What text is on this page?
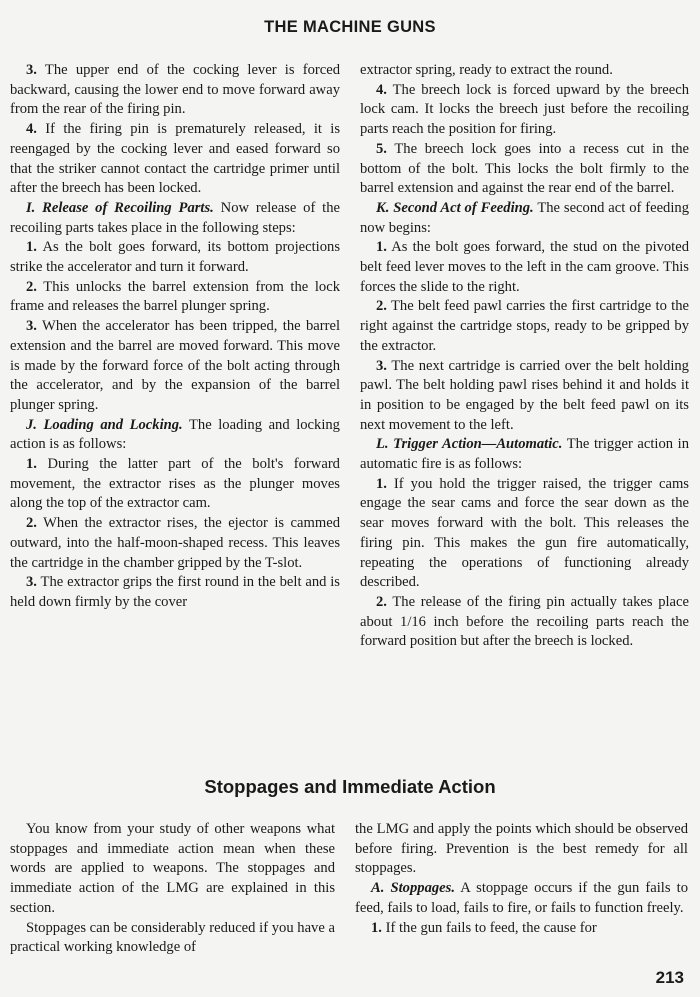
THE MACHINE GUNS

3. The upper end of the cocking lever is forced backward, causing the lower end to move forward away from the rear of the firing pin.

4. If the firing pin is prematurely released, it is reengaged by the cocking lever and eased forward so that the striker cannot contact the cartridge primer until after the breech has been locked.

I. Release of Recoiling Parts. Now release of the recoiling parts takes place in the following steps:

1. As the bolt goes forward, its bottom projections strike the accelerator and turn it forward.

2. This unlocks the barrel extension from the lock frame and releases the barrel plunger spring.

3. When the accelerator has been tripped, the barrel extension and the barrel are moved forward. This move is made by the forward force of the bolt acting through the accelerator, and by the expansion of the barrel plunger spring.

J. Loading and Locking. The loading and locking action is as follows:

1. During the latter part of the bolt's forward movement, the extractor rises as the plunger moves along the top of the extractor cam.

2. When the extractor rises, the ejector is cammed outward, into the half-moon-shaped recess. This leaves the cartridge in the chamber gripped by the T-slot.

3. The extractor grips the first round in the belt and is held down firmly by the cover

extractor spring, ready to extract the round.

4. The breech lock is forced upward by the breech lock cam. It locks the breech just before the recoiling parts reach the position for firing.

5. The breech lock goes into a recess cut in the bottom of the bolt. This locks the bolt firmly to the barrel extension and against the rear end of the barrel.

K. Second Act of Feeding. The second act of feeding now begins:

1. As the bolt goes forward, the stud on the pivoted belt feed lever moves to the left in the cam groove. This forces the slide to the right.

2. The belt feed pawl carries the first cartridge to the right against the cartridge stops, ready to be gripped by the extractor.

3. The next cartridge is carried over the belt holding pawl. The belt holding pawl rises behind it and holds it in position to be engaged by the belt feed pawl on its next movement to the left.

L. Trigger Action—Automatic. The trigger action in automatic fire is as follows:

1. If you hold the trigger raised, the trigger cams engage the sear cams and force the sear down as the sear moves forward with the bolt. This releases the firing pin. This makes the gun fire automatically, repeating the operations of functioning already described.

2. The release of the firing pin actually takes place about 1/16 inch before the recoiling parts reach the forward position but after the breech is locked.

Stoppages and Immediate Action

You know from your study of other weapons what stoppages and immediate action mean when these words are applied to weapons. The stoppages and immediate action of the LMG are explained in this section.

Stoppages can be considerably reduced if you have a practical working knowledge of

the LMG and apply the points which should be observed before firing. Prevention is the best remedy for all stoppages.

A. Stoppages. A stoppage occurs if the gun fails to feed, fails to load, fails to fire, or fails to function freely.

1. If the gun fails to feed, the cause for

213
